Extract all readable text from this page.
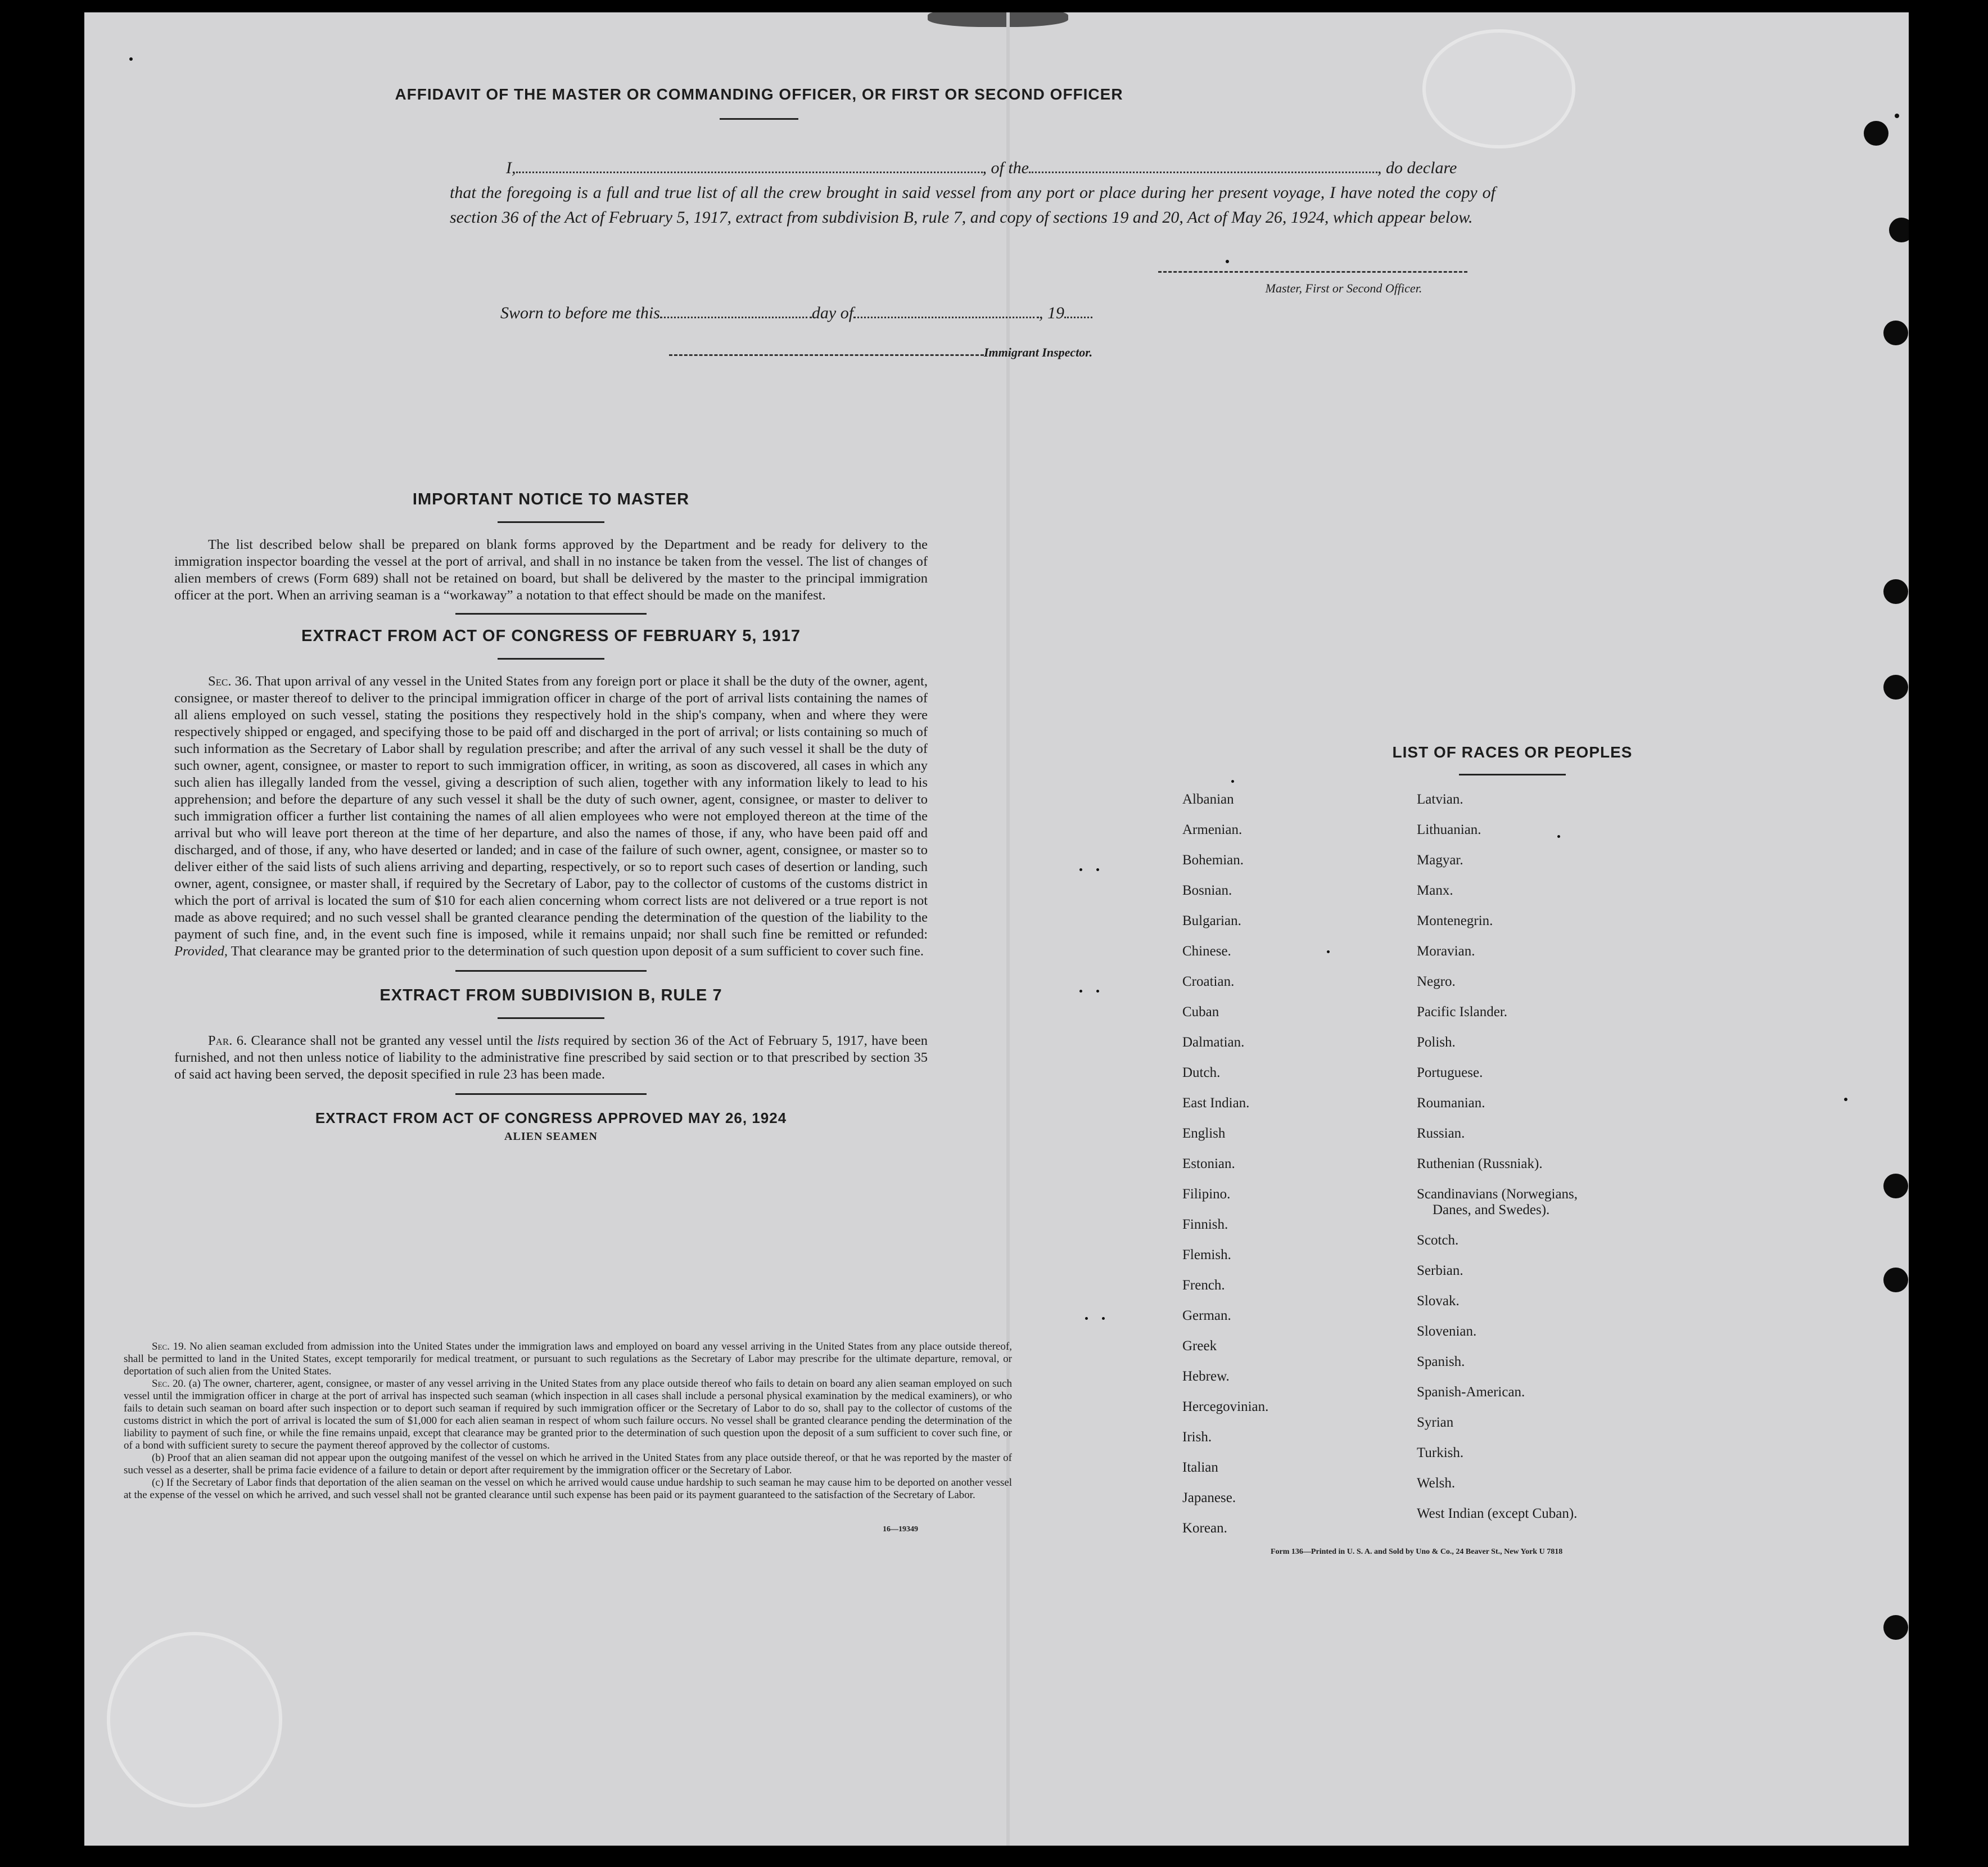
AFFIDAVIT OF THE MASTER OR COMMANDING OFFICER, OR FIRST OR SECOND OFFICER
I,	, of the	, do declare
that the foregoing is a full and true list of all the crew brought in said vessel from any port or place during her present voyage, I have noted the copy of section 36 of the Act of February 5, 1917, extract from subdivision B, rule 7, and copy of sections 19 and 20, Act of May 26, 1924, which appear below.
Master, First or Second Officer.
Sworn to before me this	day of	, 19
Immigrant Inspector.
IMPORTANT NOTICE TO MASTER

The list described below shall be prepared on blank forms approved by the Department and be ready for delivery to the immigration inspector boarding the vessel at the port of arrival, and shall in no instance be taken from the vessel. The list of changes of alien members of crews (Form 689) shall not be retained on board, but shall be delivered by the master to the principal immigration officer at the port. When an arriving seaman is a “workaway” a notation to that effect should be made on the manifest.

EXTRACT FROM ACT OF CONGRESS OF FEBRUARY 5, 1917

Sec. 36. That upon arrival of any vessel in the United States from any foreign port or place it shall be the duty of the owner, agent, consignee, or master thereof to deliver to the principal immigration officer in charge of the port of arrival lists containing the names of all aliens employed on such vessel, stating the positions they respectively hold in the ship's company, when and where they were respectively shipped or engaged, and specifying those to be paid off and discharged in the port of arrival; or lists containing so much of such information as the Secretary of Labor shall by regulation prescribe; and after the arrival of any such vessel it shall be the duty of such owner, agent, consignee, or master to report to such immigration officer, in writing, as soon as discovered, all cases in which any such alien has illegally landed from the vessel, giving a description of such alien, together with any information likely to lead to his apprehension; and before the departure of any such vessel it shall be the duty of such owner, agent, consignee, or master to deliver to such immigration officer a further list containing the names of all alien employees who were not employed thereon at the time of the arrival but who will leave port thereon at the time of her departure, and also the names of those, if any, who have been paid off and discharged, and of those, if any, who have deserted or landed; and in case of the failure of such owner, agent, consignee, or master so to deliver either of the said lists of such aliens arriving and departing, respectively, or so to report such cases of desertion or landing, such owner, agent, consignee, or master shall, if required by the Secretary of Labor, pay to the collector of customs of the customs district in which the port of arrival is located the sum of $10 for each alien concerning whom correct lists are not delivered or a true report is not made as above required; and no such vessel shall be granted clearance pending the determination of the question of the liability to the payment of such fine, and, in the event such fine is imposed, while it remains unpaid; nor shall such fine be remitted or refunded: Provided, That clearance may be granted prior to the determination of such question upon deposit of a sum sufficient to cover such fine.

EXTRACT FROM SUBDIVISION B, RULE 7

Par. 6. Clearance shall not be granted any vessel until the lists required by section 36 of the Act of February 5, 1917, have been furnished, and not then unless notice of liability to the administrative fine prescribed by said section or to that prescribed by section 35 of said act having been served, the deposit specified in rule 23 has been made.

EXTRACT FROM ACT OF CONGRESS APPROVED MAY 26, 1924
ALIEN SEAMEN

Sec. 19. No alien seaman excluded from admission into the United States under the immigration laws and employed on board any vessel arriving in the United States from any place outside thereof, shall be permitted to land in the United States, except temporarily for medical treatment, or pursuant to such regulations as the Secretary of Labor may prescribe for the ultimate departure, removal, or deportation of such alien from the United States.

Sec. 20. (a) The owner, charterer, agent, consignee, or master of any vessel arriving in the United States from any place outside thereof who fails to detain on board any alien seaman employed on such vessel until the immigration officer in charge at the port of arrival has inspected such seaman (which inspection in all cases shall include a personal physical examination by the medical examiners), or who fails to detain such seaman on board after such inspection or to deport such seaman if required by such immigration officer or the Secretary of Labor to do so, shall pay to the collector of customs of the customs district in which the port of arrival is located the sum of $1,000 for each alien seaman in respect of whom such failure occurs. No vessel shall be granted clearance pending the determination of the liability to payment of such fine, or while the fine remains unpaid, except that clearance may be granted prior to the determination of such question upon the deposit of a sum sufficient to cover such fine, or of a bond with sufficient surety to secure the payment thereof approved by the collector of customs.

(b) Proof that an alien seaman did not appear upon the outgoing manifest of the vessel on which he arrived in the United States from any place outside thereof, or that he was reported by the master of such vessel as a deserter, shall be prima facie evidence of a failure to detain or deport after requirement by the immigration officer or the Secretary of Labor.

(c) If the Secretary of Labor finds that deportation of the alien seaman on the vessel on which he arrived would cause undue hardship to such seaman he may cause him to be deported on another vessel at the expense of the vessel on which he arrived, and such vessel shall not be granted clearance until such expense has been paid or its payment guaranteed to the satisfaction of the Secretary of Labor.

16—19349
LIST OF RACES OR PEOPLES
Albanian
Armenian.
Bohemian.
Bosnian.
Bulgarian.
Chinese.
Croatian.
Cuban
Dalmatian.
Dutch.
East Indian.
English
Estonian.
Filipino.
Finnish.
Flemish.
French.
German.
Greek
Hebrew.
Hercegovinian.
Irish.
Italian
Japanese.
Korean.
Latvian.
Lithuanian.
Magyar.
Manx.
Montenegrin.
Moravian.
Negro.
Pacific Islander.
Polish.
Portuguese.
Roumanian.
Russian.
Ruthenian (Russniak).
Scandinavians (Norwegians,
Danes, and Swedes).
Scotch.
Serbian.
Slovak.
Slovenian.
Spanish.
Spanish-American.
Syrian
Turkish.
Welsh.
West Indian (except Cuban).
Form 136—Printed in U. S. A. and Sold by Uno & Co., 24 Beaver St., New York U 7818
